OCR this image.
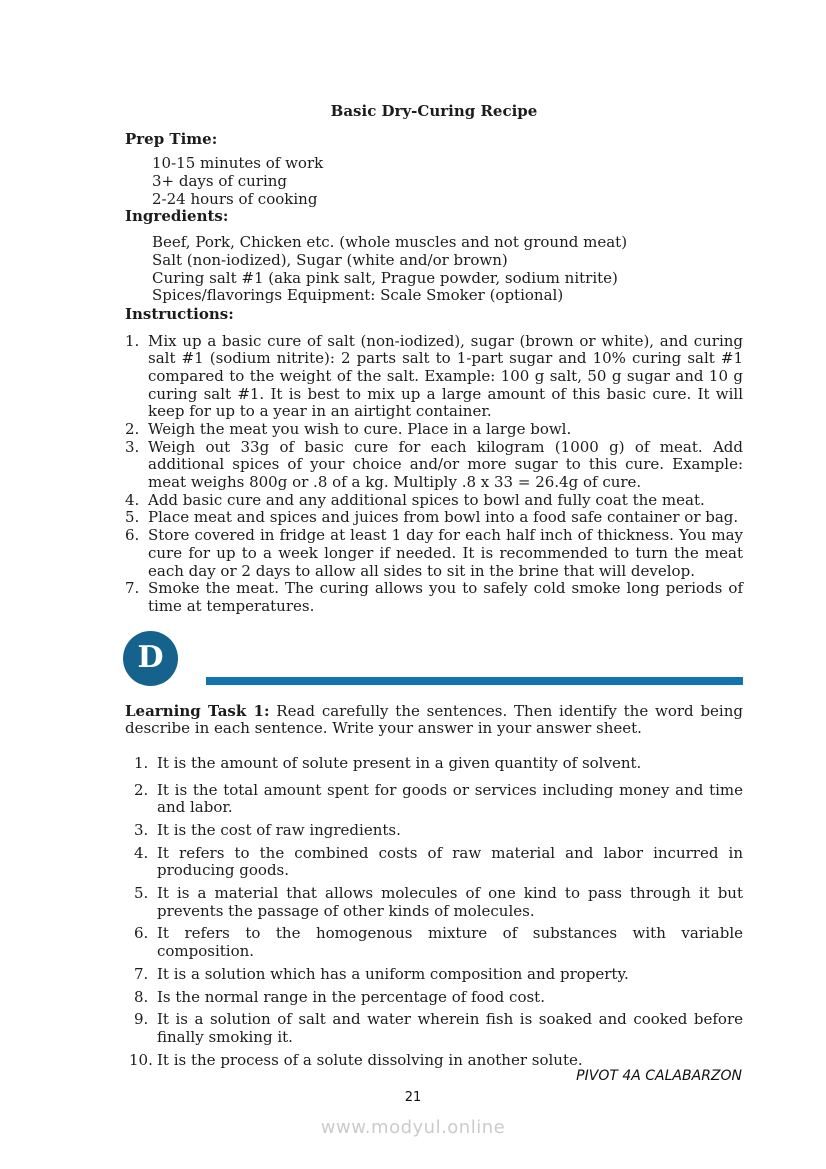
Basic Dry-Curing Recipe
Prep Time:
10-15 minutes of work
3+ days of curing
2-24 hours of cooking
Ingredients:
Beef, Pork, Chicken etc. (whole muscles and not ground meat)
Salt (non-iodized), Sugar (white and/or brown)
Curing salt #1 (aka pink salt, Prague powder, sodium nitrite)
Spices/flavorings Equipment: Scale Smoker (optional)
Instructions:
1. Mix up a basic cure of salt (non-iodized), sugar (brown or white), and curing salt #1 (sodium nitrite): 2 parts salt to 1-part sugar and 10% curing salt #1 compared to the weight of the salt. Example: 100 g salt, 50 g sugar and 10 g curing salt #1. It is best to mix up a large amount of this basic cure. It will keep for up to a year in an airtight container.
2. Weigh the meat you wish to cure. Place in a large bowl.
3. Weigh out 33g of basic cure for each kilogram (1000 g) of meat. Add additional spices of your choice and/or more sugar to this cure. Example: meat weighs 800g or .8 of a kg. Multiply .8 x 33 = 26.4g of cure.
4. Add basic cure and any additional spices to bowl and fully coat the meat.
5. Place meat and spices and juices from bowl into a food safe container or bag.
6. Store covered in fridge at least 1 day for each half inch of thickness. You may cure for up to a week longer if needed. It is recommended to turn the meat each day or 2 days to allow all sides to sit in the brine that will develop.
7. Smoke the meat. The curing allows you to safely cold smoke long periods of time at temperatures.
D
Learning Task 1: Read carefully the sentences. Then identify the word being describe in each sentence. Write your answer in your answer sheet.
1. It is the amount of solute present in a given quantity of solvent.
2. It is the total amount spent for goods or services including money and time and labor.
3. It is the cost of raw ingredients.
4. It refers to the combined costs of raw material and labor incurred in producing goods.
5. It is a material that allows molecules of one kind to pass through it but prevents the passage of other kinds of molecules.
6. It refers to the homogenous mixture of substances with variable composition.
7. It is a solution which has a uniform composition and property.
8. Is the normal range in the percentage of food cost.
9. It is a solution of salt and water wherein fish is soaked and cooked before finally smoking it.
10. It is the process of a solute dissolving in another solute.
PIVOT 4A CALABARZON
21
www.modyul.online
